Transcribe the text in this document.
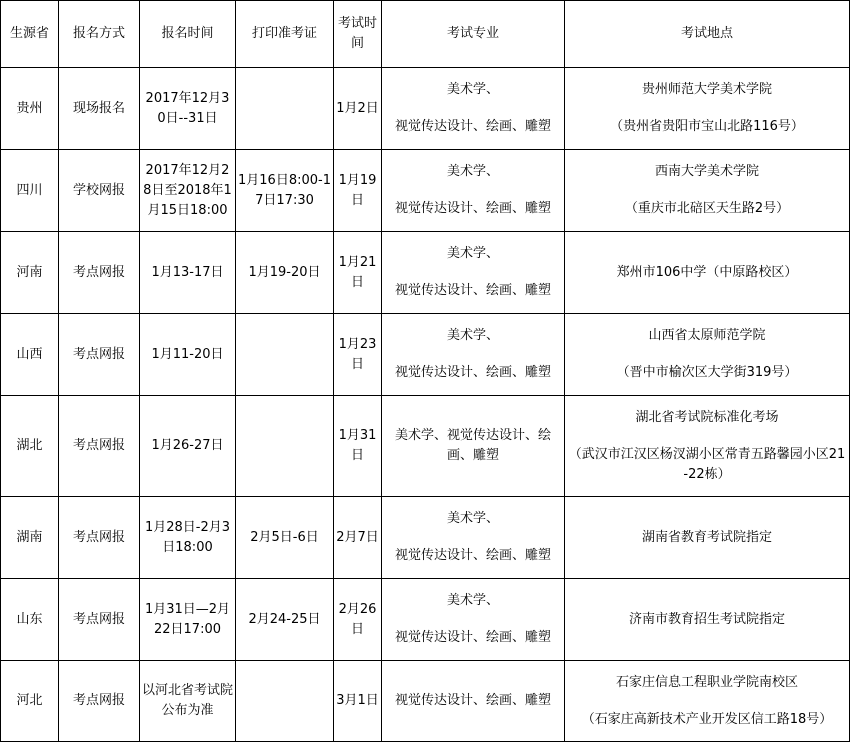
生源省	报名方式	报名时间	打印准考证	考试时间	考试专业	考试地点
贵州	现场报名	2017年12月30日--31日		1月2日	美术学、
视觉传达设计、绘画、雕塑	贵州师范大学美术学院
（贵州省贵阳市宝山北路116号）

四川	学校网报	2017年12月28日至2018年1月15日18:00	1月16日8:00-17日17:30	1月19日	美术学、
视觉传达设计、绘画、雕塑	西南大学美术学院
（重庆市北碚区天生路2号）

河南	考点网报	1月13-17日	1月19-20日	1月21日	美术学、
视觉传达设计、绘画、雕塑	郑州市106中学（中原路校区）

山西	考点网报	1月11-20日		1月23日	美术学、
视觉传达设计、绘画、雕塑	山西省太原师范学院
（晋中市榆次区大学街319号）

湖北	考点网报	1月26-27日		1月31日	美术学、视觉传达设计、绘画、雕塑	湖北省考试院标准化考场
（武汉市江汉区杨汊湖小区常青五路馨园小区21-22栋）

湖南	考点网报	1月28日-2月3日18:00	2月5日-6日	2月7日	美术学、
视觉传达设计、绘画、雕塑	湖南省教育考试院指定

山东	考点网报	1月31日—2月22日17:00	2月24-25日	2月26日	美术学、
视觉传达设计、绘画、雕塑	济南市教育招生考试院指定

河北	考点网报	以河北省考试院公布为准		3月1日	视觉传达设计、绘画、雕塑	石家庄信息工程职业学院南校区
（石家庄高新技术产业开发区信工路18号）
